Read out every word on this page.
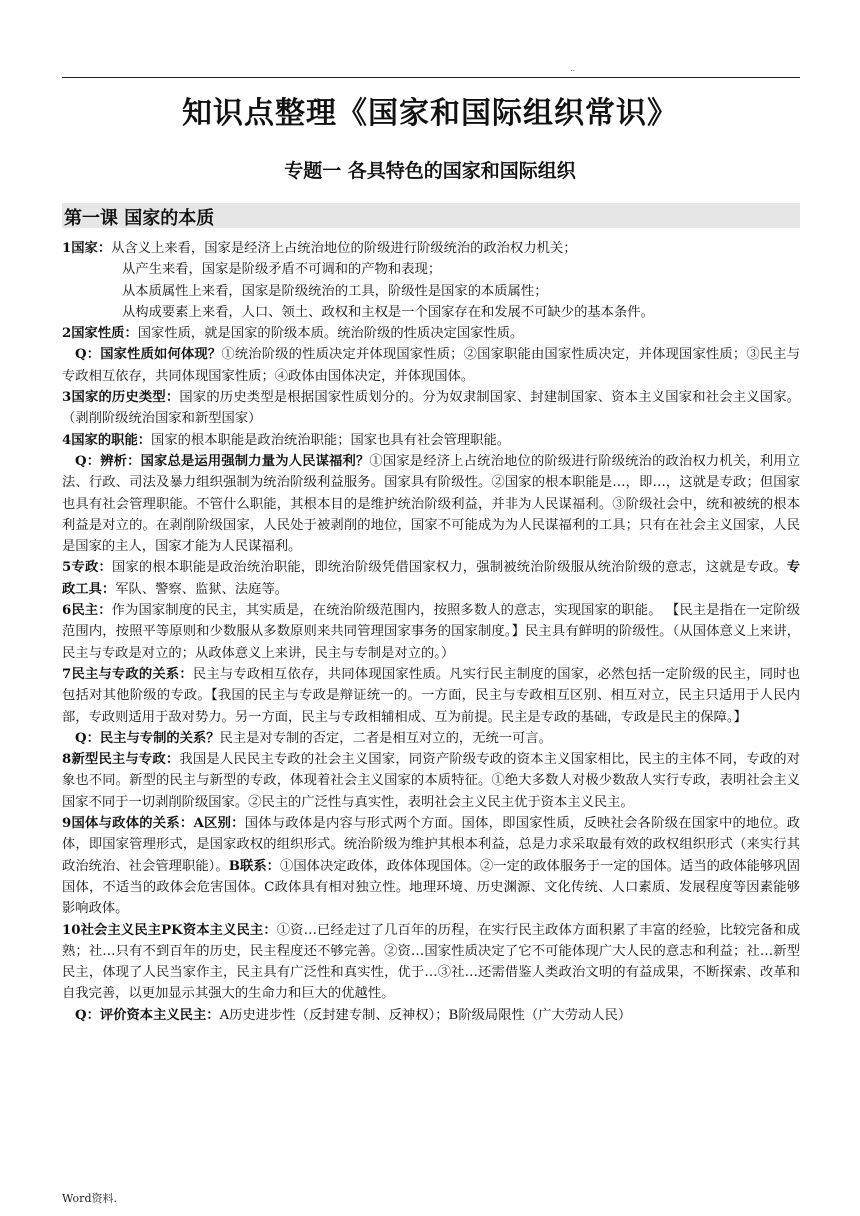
..
知识点整理《国家和国际组织常识》
专题一 各具特色的国家和国际组织
第一课 国家的本质

1国家：从含义上来看，国家是经济上占统治地位的阶级进行阶级统治的政治权力机关；

从产生来看，国家是阶级矛盾不可调和的产物和表现；

从本质属性上来看，国家是阶级统治的工具，阶级性是国家的本质属性；

从构成要素上来看，人口、领土、政权和主权是一个国家存在和发展不可缺少的基本条件。

2国家性质：国家性质，就是国家的阶级本质。统治阶级的性质决定国家性质。

Q：国家性质如何体现？①统治阶级的性质决定并体现国家性质；②国家职能由国家性质决定，并体现国家性质；③民主与专政相互依存，共同体现国家性质；④政体由国体决定，并体现国体。

3国家的历史类型：国家的历史类型是根据国家性质划分的。分为奴隶制国家、封建制国家、资本主义国家和社会主义国家。（剥削阶级统治国家和新型国家）

4国家的职能：国家的根本职能是政治统治职能；国家也具有社会管理职能。

Q：辨析：国家总是运用强制力量为人民谋福利？①国家是经济上占统治地位的阶级进行阶级统治的政治权力机关，利用立法、行政、司法及暴力组织强制为统治阶级利益服务。国家具有阶级性。②国家的根本职能是…，即…，这就是专政；但国家也具有社会管理职能。不管什么职能，其根本目的是维护统治阶级利益，并非为人民谋福利。③阶级社会中，统和被统的根本利益是对立的。在剥削阶级国家，人民处于被剥削的地位，国家不可能成为为人民谋福利的工具；只有在社会主义国家，人民是国家的主人，国家才能为人民谋福利。

5专政：国家的根本职能是政治统治职能，即统治阶级凭借国家权力，强制被统治阶级服从统治阶级的意志，这就是专政。专政工具：军队、警察、监狱、法庭等。

6民主：作为国家制度的民主，其实质是，在统治阶级范围内，按照多数人的意志，实现国家的职能。 【民主是指在一定阶级范围内，按照平等原则和少数服从多数原则来共同管理国家事务的国家制度。】民主具有鲜明的阶级性。（从国体意义上来讲，民主与专政是对立的；从政体意义上来讲，民主与专制是对立的。）

7民主与专政的关系：民主与专政相互依存，共同体现国家性质。凡实行民主制度的国家，必然包括一定阶级的民主，同时也包括对其他阶级的专政。【我国的民主与专政是辩证统一的。一方面，民主与专政相互区别、相互对立，民主只适用于人民内部，专政则适用于敌对势力。另一方面，民主与专政相辅相成、互为前提。民主是专政的基础，专政是民主的保障。】

Q：民主与专制的关系？民主是对专制的否定，二者是相互对立的，无统一可言。

8新型民主与专政：我国是人民民主专政的社会主义国家，同资产阶级专政的资本主义国家相比，民主的主体不同，专政的对象也不同。新型的民主与新型的专政，体现着社会主义国家的本质特征。①绝大多数人对极少数敌人实行专政，表明社会主义国家不同于一切剥削阶级国家。②民主的广泛性与真实性，表明社会主义民主优于资本主义民主。

9国体与政体的关系：A区别：国体与政体是内容与形式两个方面。国体，即国家性质，反映社会各阶级在国家中的地位。政体，即国家管理形式，是国家政权的组织形式。统治阶级为维护其根本利益，总是力求采取最有效的政权组织形式（来实行其政治统治、社会管理职能）。B联系：①国体决定政体，政体体现国体。②一定的政体服务于一定的国体。适当的政体能够巩固国体，不适当的政体会危害国体。C政体具有相对独立性。地理环境、历史渊源、文化传统、人口素质、发展程度等因素能够影响政体。

10社会主义民主PK资本主义民主：①资…已经走过了几百年的历程，在实行民主政体方面积累了丰富的经验，比较完备和成熟；社…只有不到百年的历史，民主程度还不够完善。②资…国家性质决定了它不可能体现广大人民的意志和利益；社…新型民主，体现了人民当家作主，民主具有广泛性和真实性，优于…③社…还需借鉴人类政治文明的有益成果，不断探索、改革和自我完善，以更加显示其强大的生命力和巨大的优越性。

Q：评价资本主义民主：A历史进步性（反封建专制、反神权）；B阶级局限性（广大劳动人民）

Word资料.
